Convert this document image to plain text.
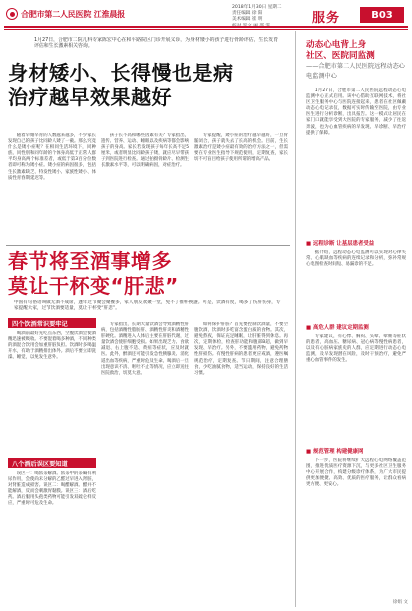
合肥市第二人民医院 江淮晨报
2018年1月30日 星期二
责任编辑 徐 阳
美术编辑 崔 明	服务	B03
1月27日，合肥市二院儿科专家陈宏中心在和平路院区门诊开展义诊，为身材矮小的孩子进行骨龄评估，生长发育评估和生长激素相关咨询。
身材矮小、长得慢也是病
治疗越早效果越好

随着早婚早育的人数越来越多，不少家长发现自己的孩子比同龄人矮了一截。那么究竟什么是矮小症呢？在相同生活环境下，同种族、同性别和同年龄的个体身高低于正常人群平均身高两个标准差者，或低于第3百分位数者即可称为矮小症。矮小症的病因很多，包括生长激素缺乏、特发性矮小、家族性矮小、体质性青春期延迟等。

孩子长不高和哪些因素有关？专家指出，遗传、营养、运动、睡眠以及疾病等都会影响孩子的身高。家长若发现孩子每年长高不足5厘米，或者明显比同龄孩子矮，就应尽早带孩子到医院进行检查。通过拍摄骨龄片、检测生长激素水平等，可以明确病因，对症治疗。

专家提醒，矮小症的治疗越早越好，一旦骨骺闭合，孩子就失去了长高的机会。目前，生长激素治疗是矮小症最有效的治疗方法之一，但需要在专业医生指导下规范使用，定期复查，家长切不可盲目给孩子使用所谓的增高产品。

春节将至酒事增多
莫让干杯变“肝悲”
中国有句俗语叫做无酒不成席，逢年过节聚会聚餐多，家人朋友欢聚一堂，免不了推杯换盏。可是，饮酒有度，喝多了伤肝伤身，专家提醒大家，过节饮酒要适量，莫让干杯变“肝悲”。
四个饮酒常识要牢记

喝酒前最好先吃点东西，空腹饮酒会使酒精迅速被吸收。不要混着喝多种酒，不同种类的酒混合饮用会加重肝脏负担。饮酒时多喝温开水，有助于酒精排出体外。酒后不要立即洗澡、睡觉，以免发生意外。

八个酒后误区要知道

误区一：喝浓茶解酒。浓茶中的茶碱有利尿作用，会使尚未分解的乙醛过早进入肾脏，对肾脏造成损害。误区二：喝醋解酒。醋并不能解酒，反而会刺激胃黏膜。误区三：酒后吃药。酒后服用头孢类药物可能引发双硫仑样反应，严重时可危及生命。

专家指出，长期大量饮酒会导致酒精性肝病，包括酒精性脂肪肝、酒精性肝炎和酒精性肝硬化。酒精进入人体后主要在肝脏代谢，过量饮酒会使肝细胞受损。如果出现乏力、食欲减退、右上腹不适、黄疸等症状，应及时就医。此外，醉酒还可能引发急性胰腺炎、消化道出血等疾病，严重时危及生命。喝酒后一旦出现意识不清、呕吐不止等情况，应立即送往医院救治，切莫大意。

如何保护肝脏？首先要控制饮酒量，不要空腹饮酒，饮酒时多吃富含蛋白质的食物。其次，避免熬夜，保证充足睡眠，让肝脏得到休息。再次，定期体检，检查肝功能和腹部B超，做到早发现、早治疗。另外，不要滥用药物，避免药物性肝损伤。有慢性肝病的患者更应戒酒，遵医嘱规范治疗，定期复查。节日期间，注意合理膳食，少吃油腻食物，适当运动，保持良好的生活习惯。

动态心电背上身
社区、医院同监测
——合肥市第二人民医院远程动态心电监测中心

1月27日，合肥市第二人民医院远程动态心电监测中心正式启用。该中心借助互联网技术，将社区卫生服务中心与医院连接起来，患者在社区佩戴动态心电记录仪，数据可实时传输至医院，由专业医生进行分析诊断，出具报告。这一模式让居民在家门口就能享受到大医院的专家服务，减少了往返奔波，也为心血管疾病的早发现、早诊断、早治疗提供了保障。

■ 远程诊断 让基层患者受益

据介绍，远程动态心电监测可以实现对心律失常、心肌缺血等疾病的连续记录和分析，弥补常规心电图检查时间短、易漏诊的不足。

■ 高危人群 建议定期监测

专家建议，有心悸、胸闷、头晕、晕厥等症状的患者，高血压、糖尿病、冠心病等慢性病患者，以及有心脏病家族史的人群，应定期进行动态心电监测，及早发现潜在风险，及时干预治疗，避免严重心血管事件的发生。

■ 规范管理 构建健康网

下一步，医院将继续扩大远程心电网络覆盖范围，推进优质医疗资源下沉，与更多社区卫生服务中心开展合作，构建分级诊疗体系，为广大市民提供更加便捷、高效、优质的医疗服务，让群众看病更方便、更安心。

徐娟 文
